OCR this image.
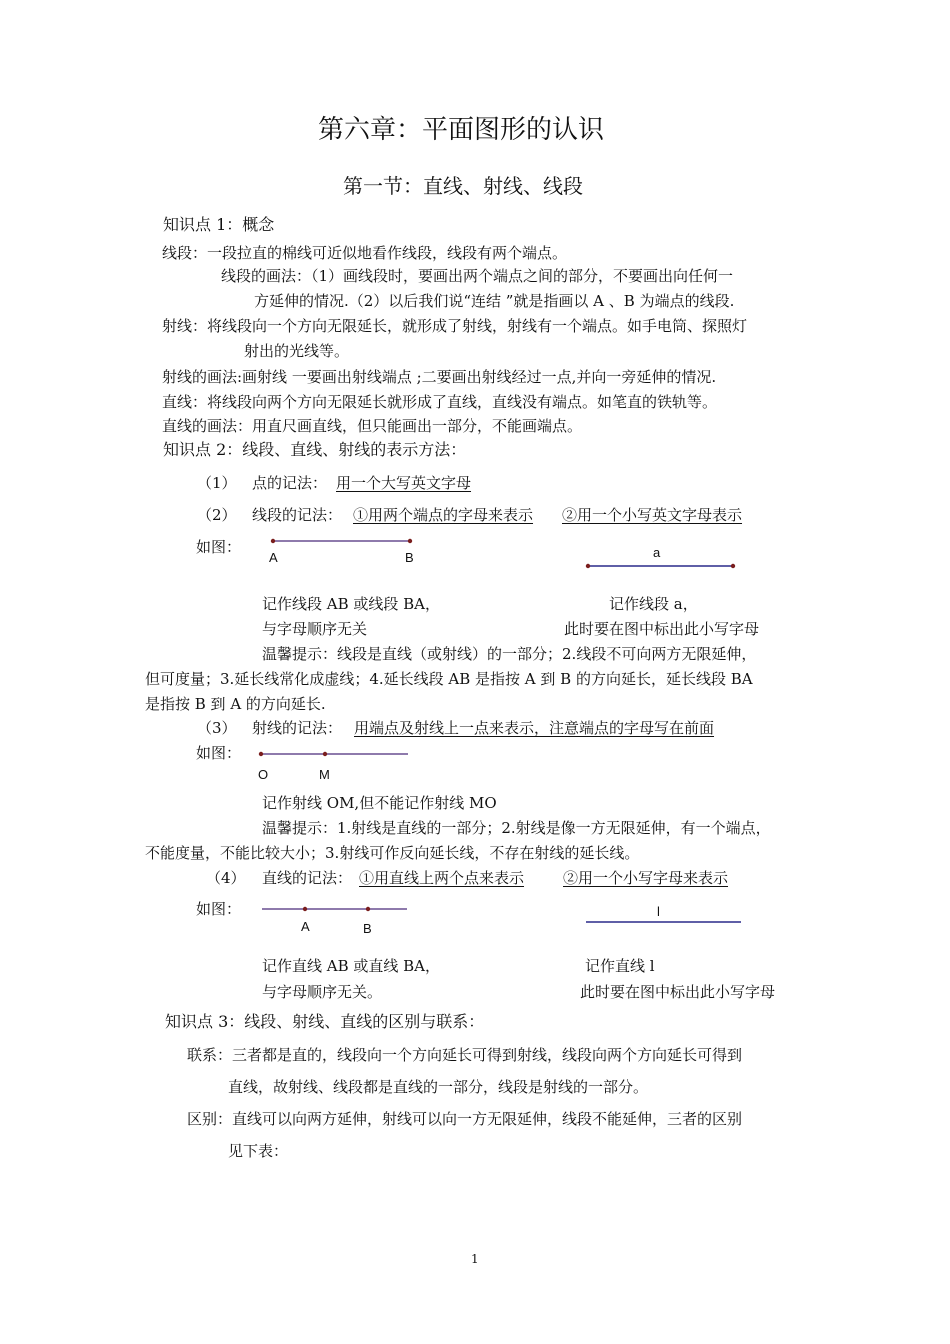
第六章：平面图形的认识
第一节：直线、射线、线段
知识点 1：概念
线段：一段拉直的棉线可近似地看作线段，线段有两个端点。
线段的画法：（1）画线段时，要画出两个端点之间的部分，不要画出向任何一
方延伸的情况.（2）以后我们说“连结 ”就是指画以 A 、B 为端点的线段.
射线：将线段向一个方向无限延长，就形成了射线，射线有一个端点。如手电筒、探照灯
射出的光线等。
射线的画法:画射线 一要画出射线端点 ;二要画出射线经过一点,并向一旁延伸的情况.
直线：将线段向两个方向无限延长就形成了直线，直线没有端点。如笔直的铁轨等。
直线的画法：用直尺画直线，但只能画出一部分，不能画端点。
知识点 2：线段、直线、射线的表示方法：
（1） 点的记法： 用一个大写英文字母
（2） 线段的记法： ①用两个端点的字母来表示 ②用一个小写英文字母表示
如图：
A	B	a
记作线段 AB 或线段 BA，	记作线段 a，
与字母顺序无关	此时要在图中标出此小写字母
温馨提示：线段是直线（或射线）的一部分；2.线段不可向两方无限延伸，
但可度量；3.延长线常化成虚线；4.延长线段 AB 是指按 A 到 B 的方向延长，延长线段 BA
是指按 B 到 A 的方向延长.
（3） 射线的记法： 用端点及射线上一点来表示，注意端点的字母写在前面
如图：
O	M
记作射线 OM,但不能记作射线 MO
温馨提示：1.射线是直线的一部分；2.射线是像一方无限延伸，有一个端点，
不能度量，不能比较大小；3.射线可作反向延长线，不存在射线的延长线。
（4） 直线的记法： ①用直线上两个点来表示	②用一个小写字母来表示
如图：
A	B
l
记作直线 AB 或直线 BA，	记作直线 l
与字母顺序无关。	此时要在图中标出此小写字母
知识点 3：线段、射线、直线的区别与联系：
联系：三者都是直的，线段向一个方向延长可得到射线，线段向两个方向延长可得到
直线，故射线、线段都是直线的一部分，线段是射线的一部分。
区别：直线可以向两方延伸，射线可以向一方无限延伸，线段不能延伸，三者的区别
见下表：
1
